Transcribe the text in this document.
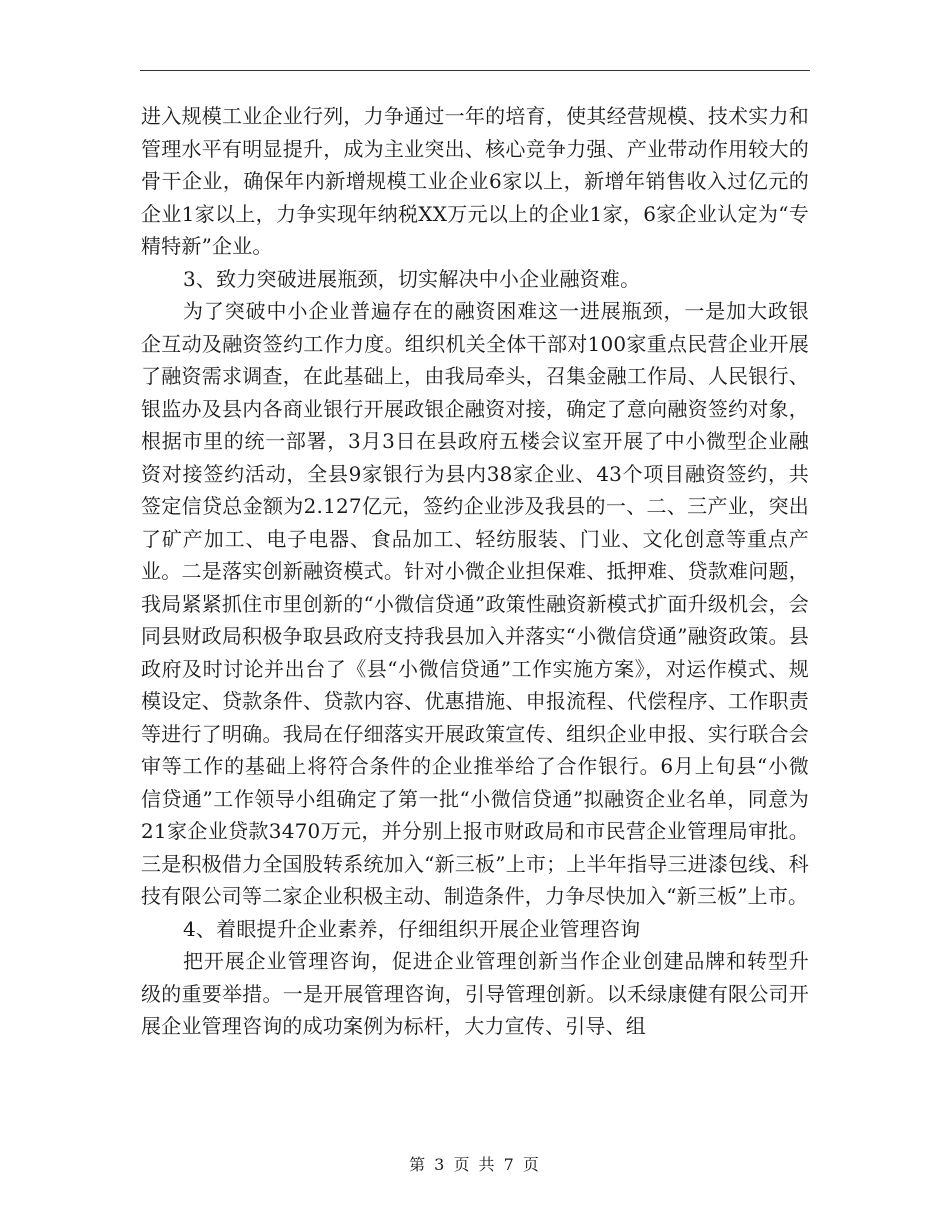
进入规模工业企业行列，力争通过一年的培育，使其经营规模、技术实力和管理水平有明显提升，成为主业突出、核心竞争力强、产业带动作用较大的骨干企业，确保年内新增规模工业企业6家以上，新增年销售收入过亿元的企业1家以上，力争实现年纳税XX万元以上的企业1家，6家企业认定为“专精特新”企业。

3、致力突破进展瓶颈，切实解决中小企业融资难。

为了突破中小企业普遍存在的融资困难这一进展瓶颈，一是加大政银企互动及融资签约工作力度。组织机关全体干部对100家重点民营企业开展了融资需求调查，在此基础上，由我局牵头，召集金融工作局、人民银行、银监办及县内各商业银行开展政银企融资对接，确定了意向融资签约对象，根据市里的统一部署，3月3日在县政府五楼会议室开展了中小微型企业融资对接签约活动，全县9家银行为县内38家企业、43个项目融资签约，共签定信贷总金额为2.127亿元，签约企业涉及我县的一、二、三产业，突出了矿产加工、电子电器、食品加工、轻纺服装、门业、文化创意等重点产业。二是落实创新融资模式。针对小微企业担保难、抵押难、贷款难问题，我局紧紧抓住市里创新的“小微信贷通”政策性融资新模式扩面升级机会，会同县财政局积极争取县政府支持我县加入并落实“小微信贷通”融资政策。县政府及时讨论并出台了《县“小微信贷通”工作实施方案》，对运作模式、规模设定、贷款条件、贷款内容、优惠措施、申报流程、代偿程序、工作职责等进行了明确。我局在仔细落实开展政策宣传、组织企业申报、实行联合会审等工作的基础上将符合条件的企业推举给了合作银行。6月上旬县“小微信贷通”工作领导小组确定了第一批“小微信贷通”拟融资企业名单，同意为21家企业贷款3470万元，并分别上报市财政局和市民营企业管理局审批。三是积极借力全国股转系统加入“新三板”上市；上半年指导三进漆包线、科技有限公司等二家企业积极主动、制造条件，力争尽快加入“新三板”上市。

4、着眼提升企业素养，仔细组织开展企业管理咨询

把开展企业管理咨询，促进企业管理创新当作企业创建品牌和转型升级的重要举措。一是开展管理咨询，引导管理创新。以禾绿康健有限公司开展企业管理咨询的成功案例为标杆，大力宣传、引导、组

第 3 页 共 7 页
